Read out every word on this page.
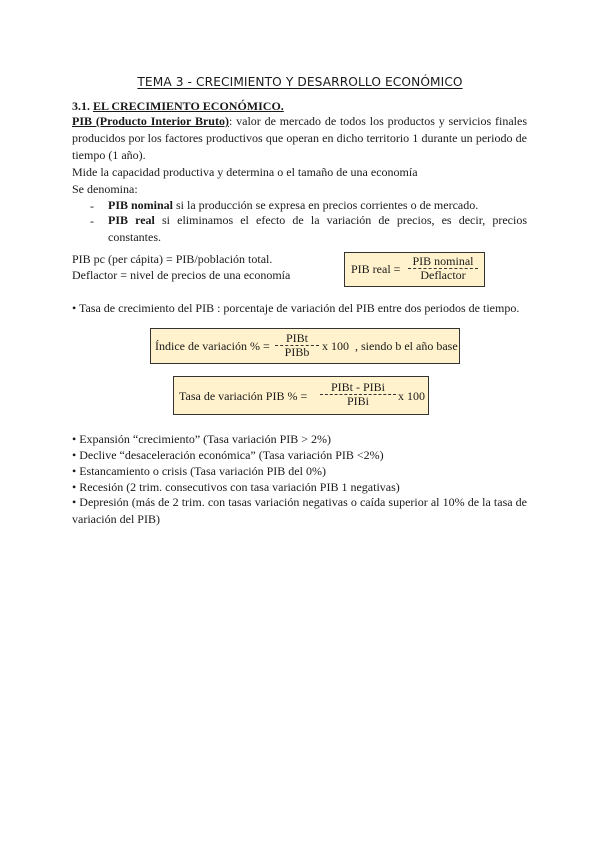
TEMA 3 - CRECIMIENTO Y DESARROLLO ECONÓMICO
3.1. EL CRECIMIENTO ECONÓMICO.
PIB (Producto Interior Bruto): valor de mercado de todos los productos y servicios finales producidos por los factores productivos que operan en dicho territorio 1 durante un periodo de tiempo (1 año).
Mide la capacidad productiva y determina o el tamaño de una economía
Se denomina:
- PIB nominal si la producción se expresa en precios corrientes o de mercado.
- PIB real si eliminamos el efecto de la variación de precios, es decir, precios constantes.
PIB pc (per cápita) = PIB/población total.
Deflactor = nivel de precios de una economía	PIB real =
PIB nominal
Deflactor
• Tasa de crecimiento del PIB : porcentaje de variación del PIB entre dos periodos de tiempo.
Índice de variación % =
PIBt
PIBb x 100  , siendo b el año base
Tasa de variación PIB % =
PIBt - PIBi
PIBi	x 100
• Expansión “crecimiento” (Tasa variación PIB > 2%)
• Declive “desaceleración económica” (Tasa variación PIB <2%)
• Estancamiento o crisis (Tasa variación PIB del 0%)
• Recesión (2 trim. consecutivos con tasa variación PIB 1 negativas)
• Depresión (más de 2 trim. con tasas variación negativas o caída superior al 10% de la tasa de variación del PIB)
